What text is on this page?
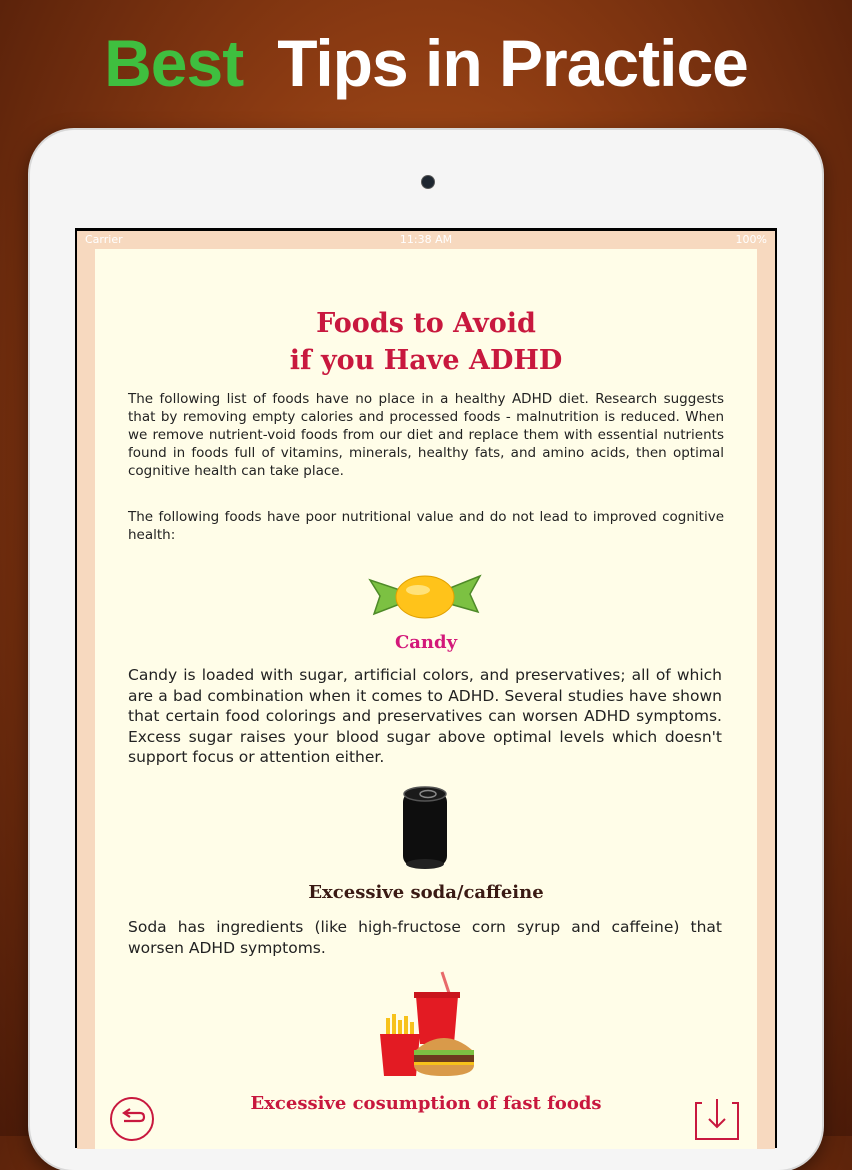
Best Tips in Practice
Carrier	11:38 AM	100%
Foods to Avoid
if you Have ADHD

The following list of foods have no place in a healthy ADHD diet. Research suggests that by removing empty calories and processed foods - malnutrition is reduced. When we remove nutrient-void foods from our diet and replace them with essential nutrients found in foods full of vitamins, minerals, healthy fats, and amino acids, then optimal cognitive health can take place.

The following foods have poor nutritional value and do not lead to improved cognitive health:

Candy

Candy is loaded with sugar, artificial colors, and preservatives; all of which are a bad combination when it comes to ADHD. Several studies have shown that certain food colorings and preservatives can worsen ADHD symptoms. Excess sugar raises your blood sugar above optimal levels which doesn't support focus or attention either.

Excessive soda/caffeine

Soda has ingredients (like high-fructose corn syrup and caffeine) that worsen ADHD symptoms.

Excessive cosumption of fast foods
